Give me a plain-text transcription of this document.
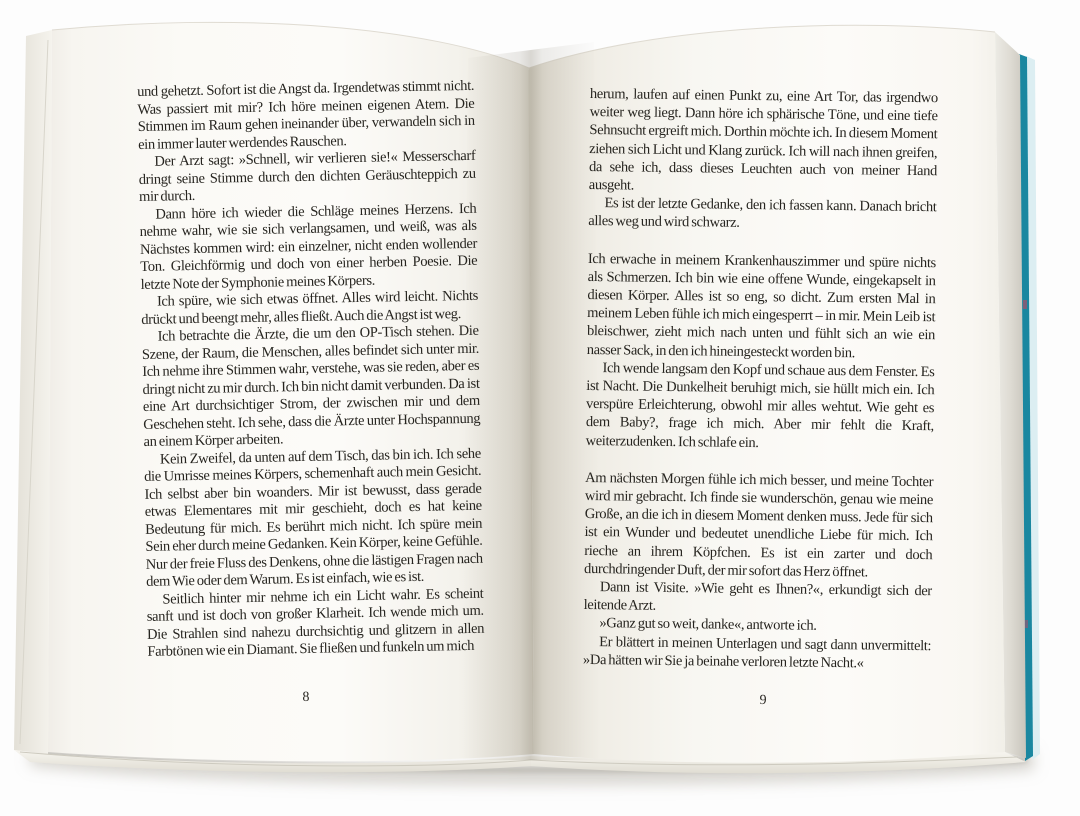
und gehetzt. Sofort ist die Angst da. Irgendetwas stimmt nicht. Was passiert mit mir? Ich höre meinen eigenen Atem. Die Stimmen im Raum gehen ineinander über, verwandeln sich in ein immer lauter werdendes Rauschen.

Der Arzt sagt: »Schnell, wir verlieren sie!« Messerscharf dringt seine Stimme durch den dichten Geräuschteppich zu mir durch.

Dann höre ich wieder die Schläge meines Herzens. Ich nehme wahr, wie sie sich verlangsamen, und weiß, was als Nächstes kommen wird: ein einzelner, nicht enden wollender Ton. Gleichförmig und doch von einer herben Poesie. Die letzte Note der Symphonie meines Körpers.

Ich spüre, wie sich etwas öffnet. Alles wird leicht. Nichts drückt und beengt mehr, alles fließt. Auch die Angst ist weg.

Ich betrachte die Ärzte, die um den OP-Tisch stehen. Die Szene, der Raum, die Menschen, alles befindet sich unter mir. Ich nehme ihre Stimmen wahr, verstehe, was sie reden, aber es dringt nicht zu mir durch. Ich bin nicht damit verbunden. Da ist eine Art durchsichtiger Strom, der zwischen mir und dem Geschehen steht. Ich sehe, dass die Ärzte unter Hochspannung an einem Körper arbeiten.

Kein Zweifel, da unten auf dem Tisch, das bin ich. Ich sehe die Umrisse meines Körpers, schemenhaft auch mein Gesicht. Ich selbst aber bin woanders. Mir ist bewusst, dass gerade etwas Elementares mit mir geschieht, doch es hat keine Bedeutung für mich. Es berührt mich nicht. Ich spüre mein Sein eher durch meine Gedanken. Kein Körper, keine Gefühle. Nur der freie Fluss des Denkens, ohne die lästigen Fragen nach dem Wie oder dem Warum. Es ist einfach, wie es ist.

Seitlich hinter mir nehme ich ein Licht wahr. Es scheint sanft und ist doch von großer Klarheit. Ich wende mich um. Die Strahlen sind nahezu durchsichtig und glitzern in allen Farbtönen wie ein Diamant. Sie fließen und funkeln um mich

herum, laufen auf einen Punkt zu, eine Art Tor, das irgendwo weiter weg liegt. Dann höre ich sphärische Töne, und eine tiefe Sehnsucht ergreift mich. Dorthin möchte ich. In diesem Moment ziehen sich Licht und Klang zurück. Ich will nach ihnen greifen, da sehe ich, dass dieses Leuchten auch von meiner Hand ausgeht.

Es ist der letzte Gedanke, den ich fassen kann. Danach bricht alles weg und wird schwarz.

Ich erwache in meinem Krankenhauszimmer und spüre nichts als Schmerzen. Ich bin wie eine offene Wunde, eingekapselt in diesen Körper. Alles ist so eng, so dicht. Zum ersten Mal in meinem Leben fühle ich mich eingesperrt – in mir. Mein Leib ist bleischwer, zieht mich nach unten und fühlt sich an wie ein nasser Sack, in den ich hineingesteckt worden bin.

Ich wende langsam den Kopf und schaue aus dem Fenster. Es ist Nacht. Die Dunkelheit beruhigt mich, sie hüllt mich ein. Ich verspüre Erleichterung, obwohl mir alles wehtut. Wie geht es dem Baby?, frage ich mich. Aber mir fehlt die Kraft, weiterzudenken. Ich schlafe ein.

Am nächsten Morgen fühle ich mich besser, und meine Tochter wird mir gebracht. Ich finde sie wunderschön, genau wie meine Große, an die ich in diesem Moment denken muss. Jede für sich ist ein Wunder und bedeutet unendliche Liebe für mich. Ich rieche an ihrem Köpfchen. Es ist ein zarter und doch durchdringender Duft, der mir sofort das Herz öffnet.

Dann ist Visite. »Wie geht es Ihnen?«, erkundigt sich der leitende Arzt.

»Ganz gut so weit, danke«, antworte ich.

Er blättert in meinen Unterlagen und sagt dann unvermittelt: »Da hätten wir Sie ja beinahe verloren letzte Nacht.«

8	9
